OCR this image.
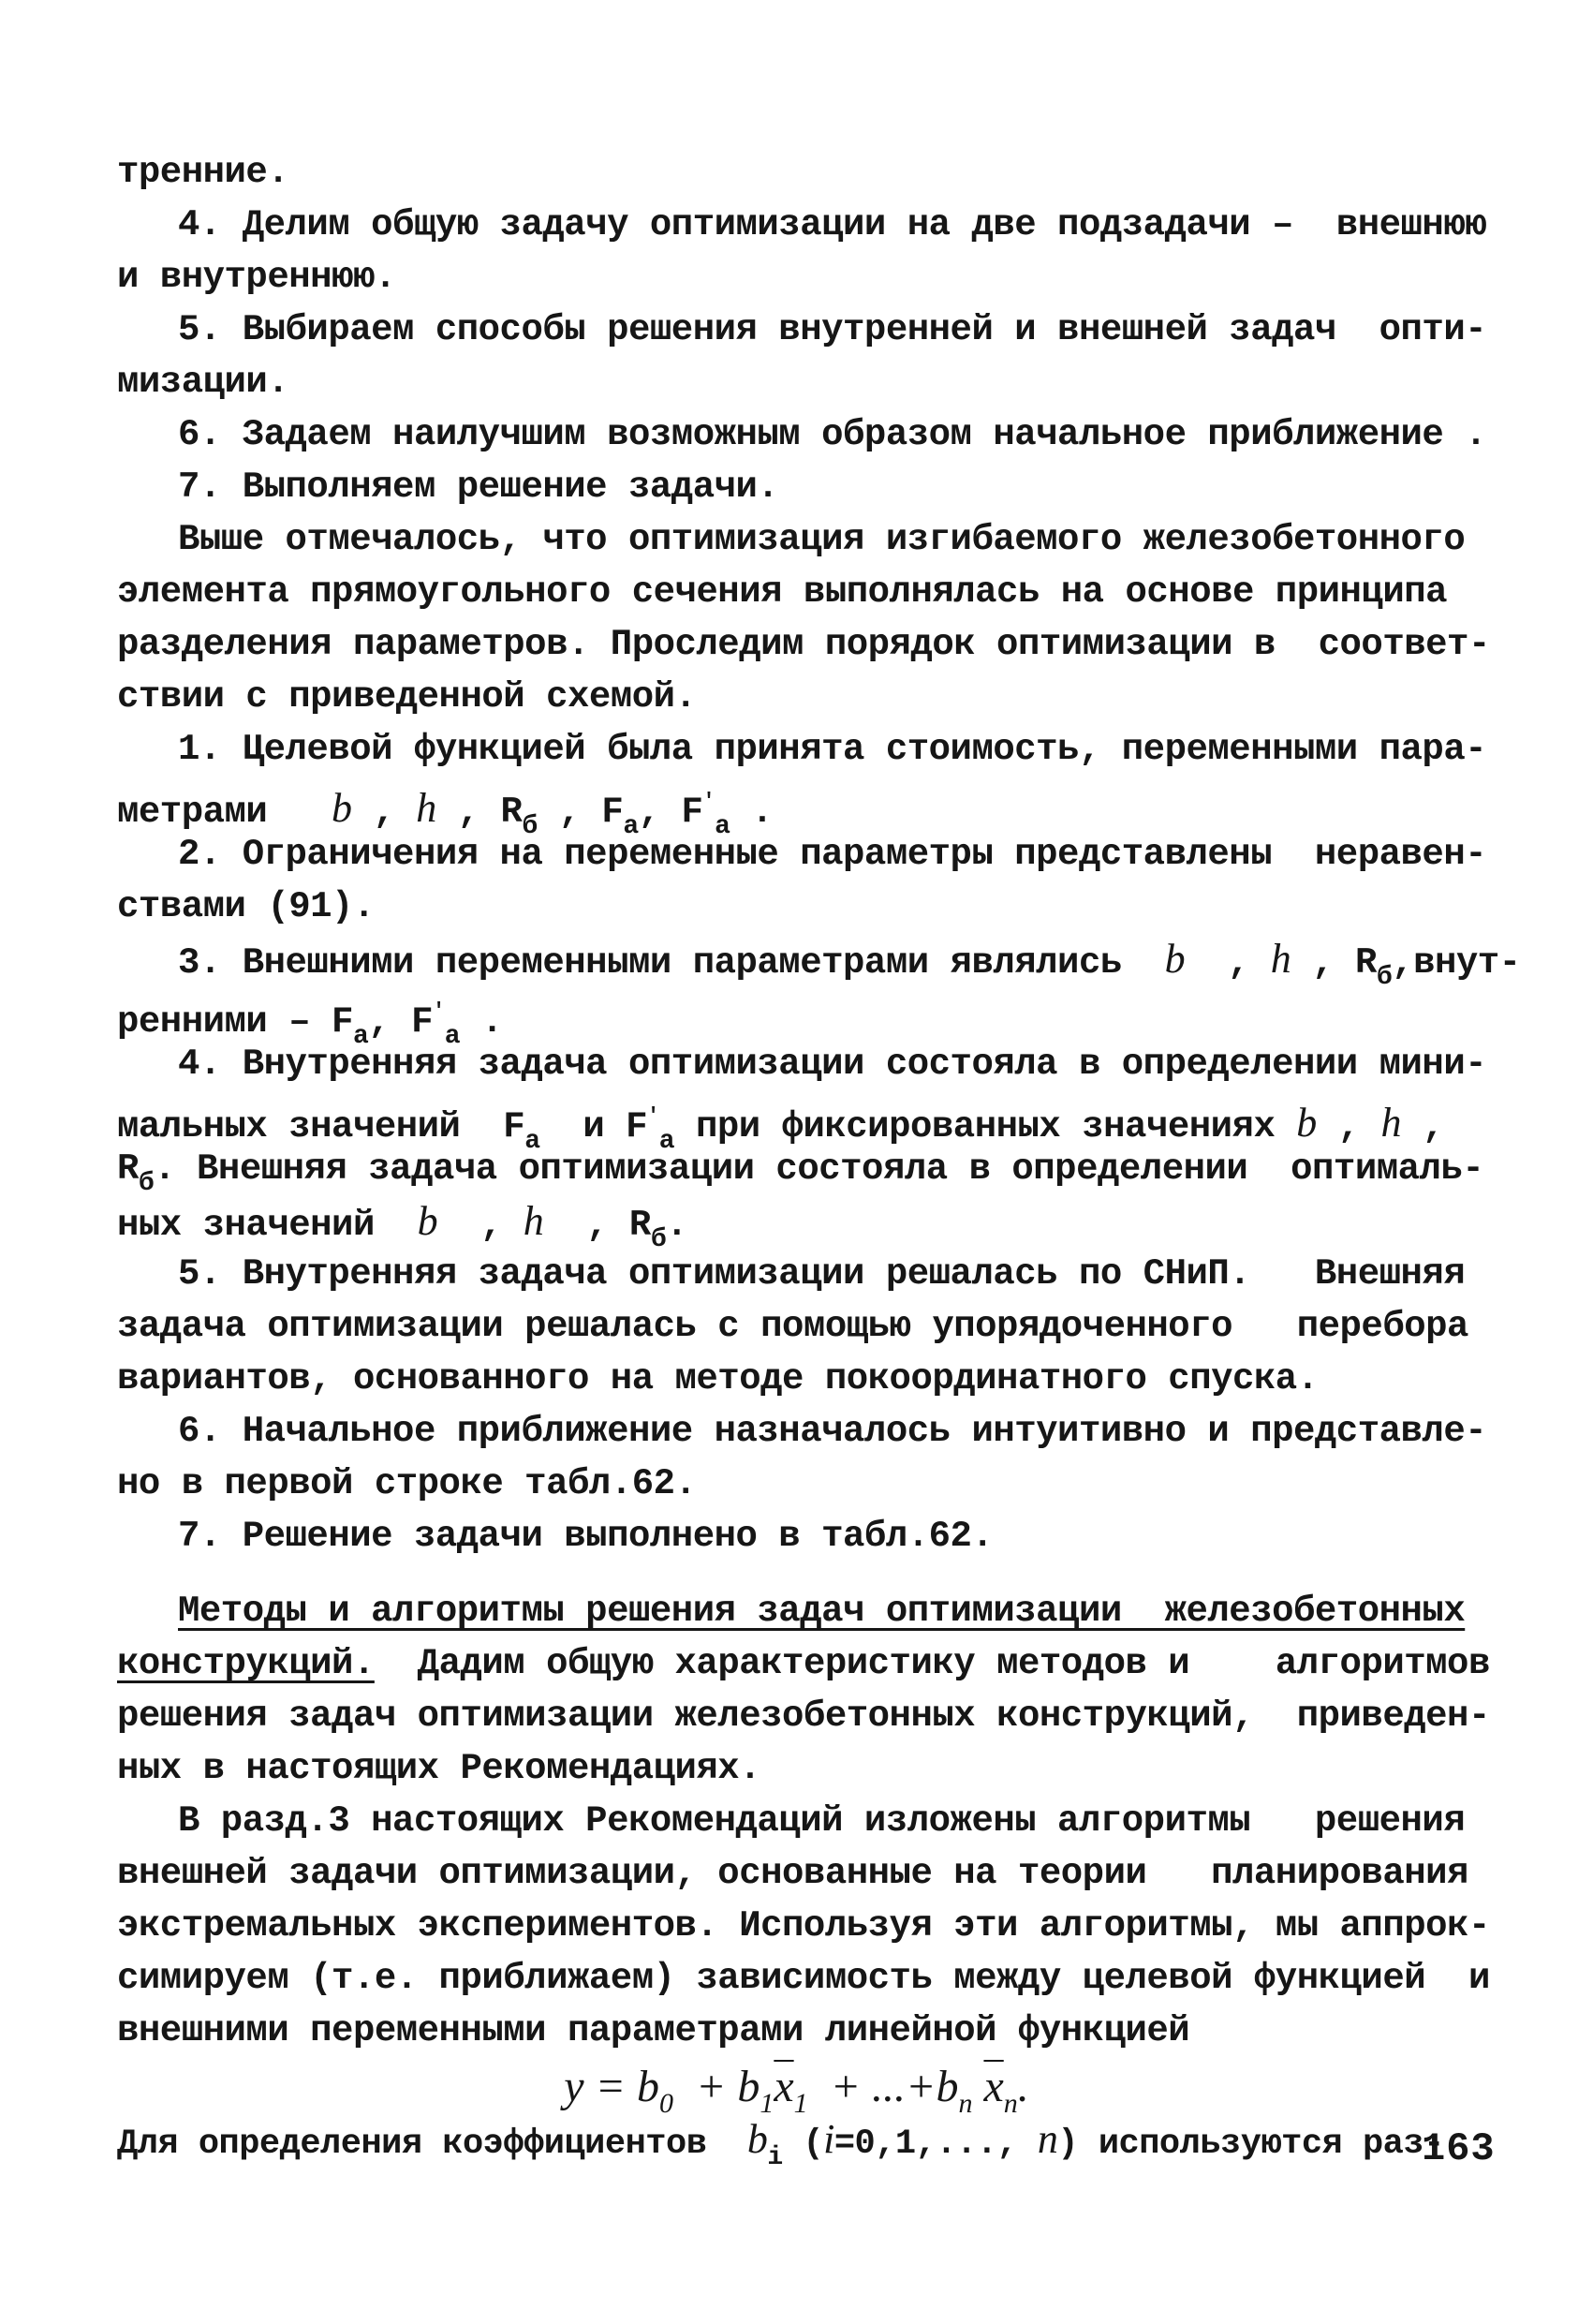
тренние.
4. Делим общую задачу оптимизации на две подзадачи –  внешнюю
и внутреннюю.
5. Выбираем способы решения внутренней и внешней задач  опти-
мизации.
6. Задаем наилучшим возможным образом начальное приближение .
7. Выполняем решение задачи.
Выше отмечалось, что оптимизация изгибаемого железобетонного
элемента прямоугольного сечения выполнялась на основе принципа
разделения параметров. Проследим порядок оптимизации в  соответ-
ствии с приведенной схемой.
1. Целевой функцией была принята стоимость, переменными пара-
метрами b , h , $R_б$ , $F_а$, $F'_а$ .
2. Ограничения на переменные параметры представлены  неравен-
ствами (91).
3. Внешними переменными параметрами являлись b , h , $R_б,внут-$
ренними – $F_а$, $F'_а$ .
4. Внутренняя задача оптимизации состояла в определении мини-
мальных значений $F_а$ и $F'_а$ при фиксированных значениях b , h ,
$R_б$. Внешняя задача оптимизации состояла в определении  оптималь-
ных значений b , h , $R_б$.
5. Внутренняя задача оптимизации решалась по СНиП.   Внешняя
задача оптимизации решалась с помощью упорядоченного   перебора
вариантов, основанного на методе покоординатного спуска.
6. Начальное приближение назначалось интуитивно и представле-
но в первой строке табл.62.
7. Решение задачи выполнено в табл.62.
Методы и алгоритмы решения задач оптимизации  железобетонных
конструкций. Дадим общую характеристику методов и    алгоритмов
решения задач оптимизации железобетонных конструкций,  приведен-
ных в настоящих Рекомендациях.
В разд.3 настоящих Рекомендаций изложены алгоритмы   решения
внешней задачи оптимизации, основанные на теории   планирования
экстремальных экспериментов. Используя эти алгоритмы, мы аппрок-
симируем (т.е. приближаем) зависимость между целевой функцией  и
внешними переменными параметрами линейной функцией
$y = b_0 + b_1\overline{x}_1 + ...+b_n$ $\overline{x}_n$.
Для определения коэффициентов $b_i$ (i=0,1,..., n) используются раз-
163
